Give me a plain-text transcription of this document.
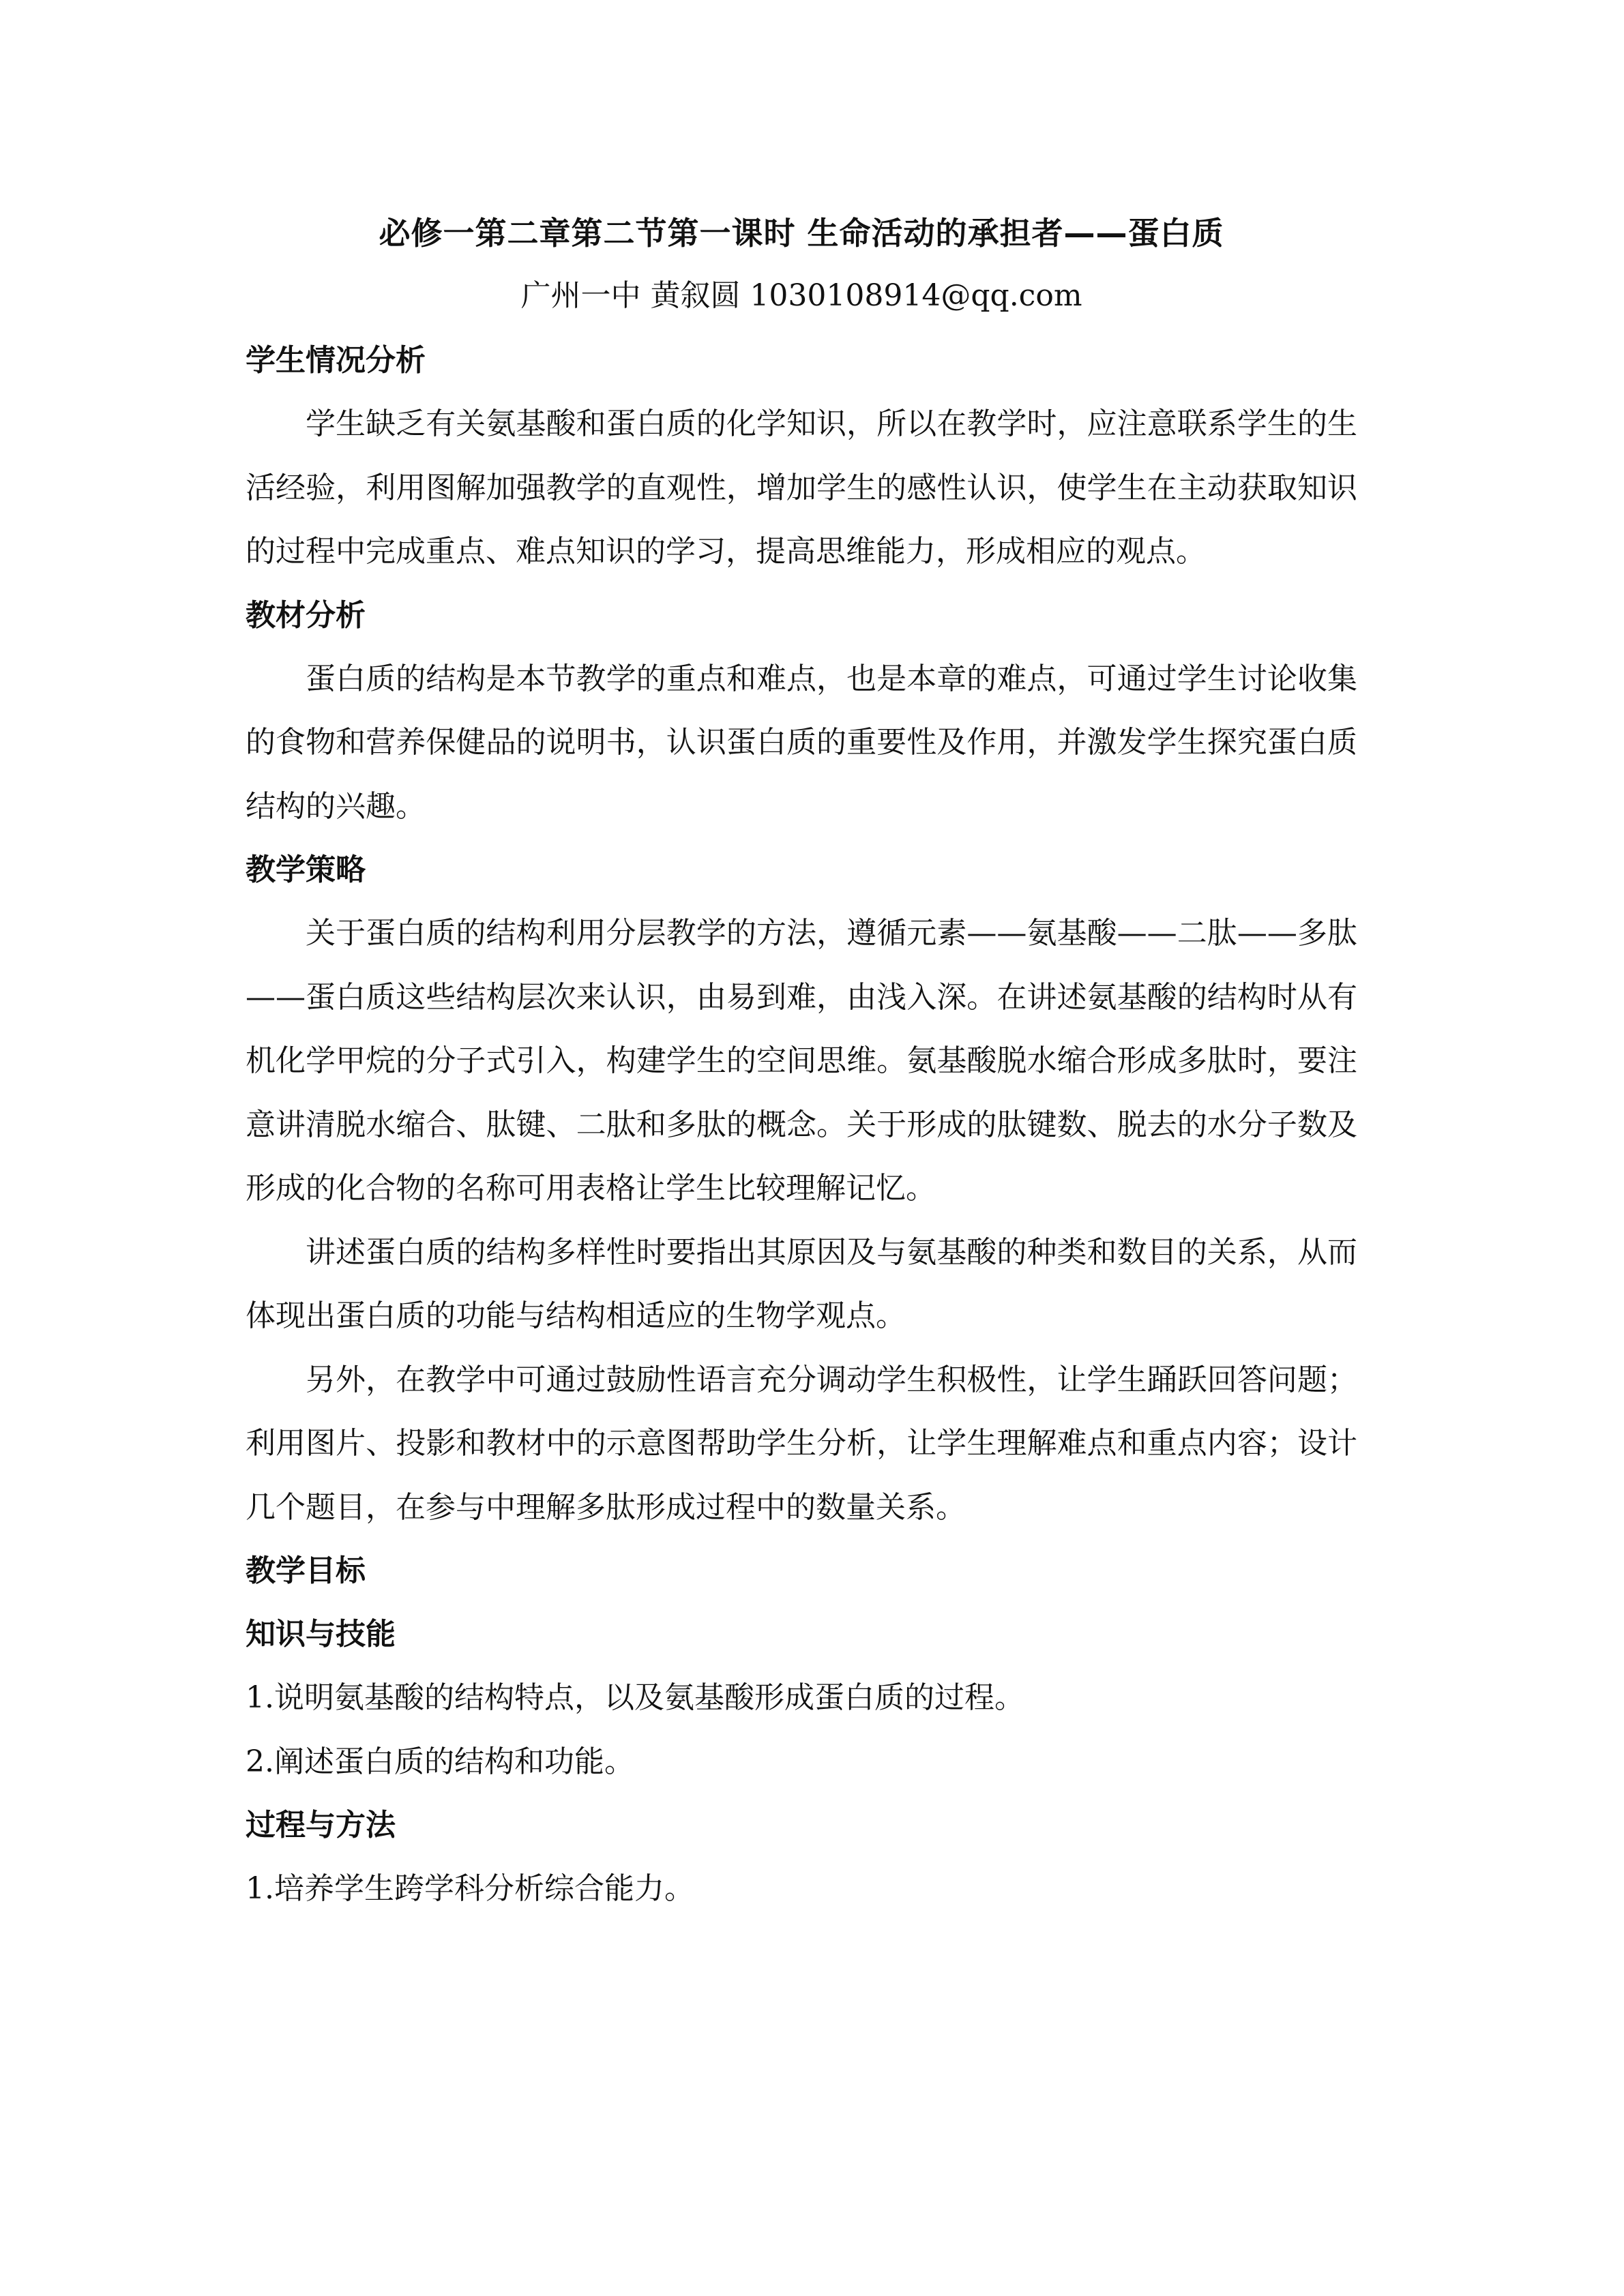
必修一第二章第二节第一课时 生命活动的承担者——蛋白质

广州一中 黄叙圆 1030108914@qq.com

学生情况分析

学生缺乏有关氨基酸和蛋白质的化学知识，所以在教学时，应注意联系学生的生活经验，利用图解加强教学的直观性，增加学生的感性认识，使学生在主动获取知识的过程中完成重点、难点知识的学习，提高思维能力，形成相应的观点。

教材分析

蛋白质的结构是本节教学的重点和难点，也是本章的难点，可通过学生讨论收集的食物和营养保健品的说明书，认识蛋白质的重要性及作用，并激发学生探究蛋白质结构的兴趣。

教学策略

关于蛋白质的结构利用分层教学的方法，遵循元素——氨基酸——二肽——多肽——蛋白质这些结构层次来认识，由易到难，由浅入深。在讲述氨基酸的结构时从有机化学甲烷的分子式引入，构建学生的空间思维。氨基酸脱水缩合形成多肽时，要注意讲清脱水缩合、肽键、二肽和多肽的概念。关于形成的肽键数、脱去的水分子数及形成的化合物的名称可用表格让学生比较理解记忆。

讲述蛋白质的结构多样性时要指出其原因及与氨基酸的种类和数目的关系，从而体现出蛋白质的功能与结构相适应的生物学观点。

另外，在教学中可通过鼓励性语言充分调动学生积极性，让学生踊跃回答问题；利用图片、投影和教材中的示意图帮助学生分析，让学生理解难点和重点内容；设计几个题目，在参与中理解多肽形成过程中的数量关系。

教学目标

知识与技能

1.说明氨基酸的结构特点，以及氨基酸形成蛋白质的过程。

2.阐述蛋白质的结构和功能。

过程与方法

1.培养学生跨学科分析综合能力。
